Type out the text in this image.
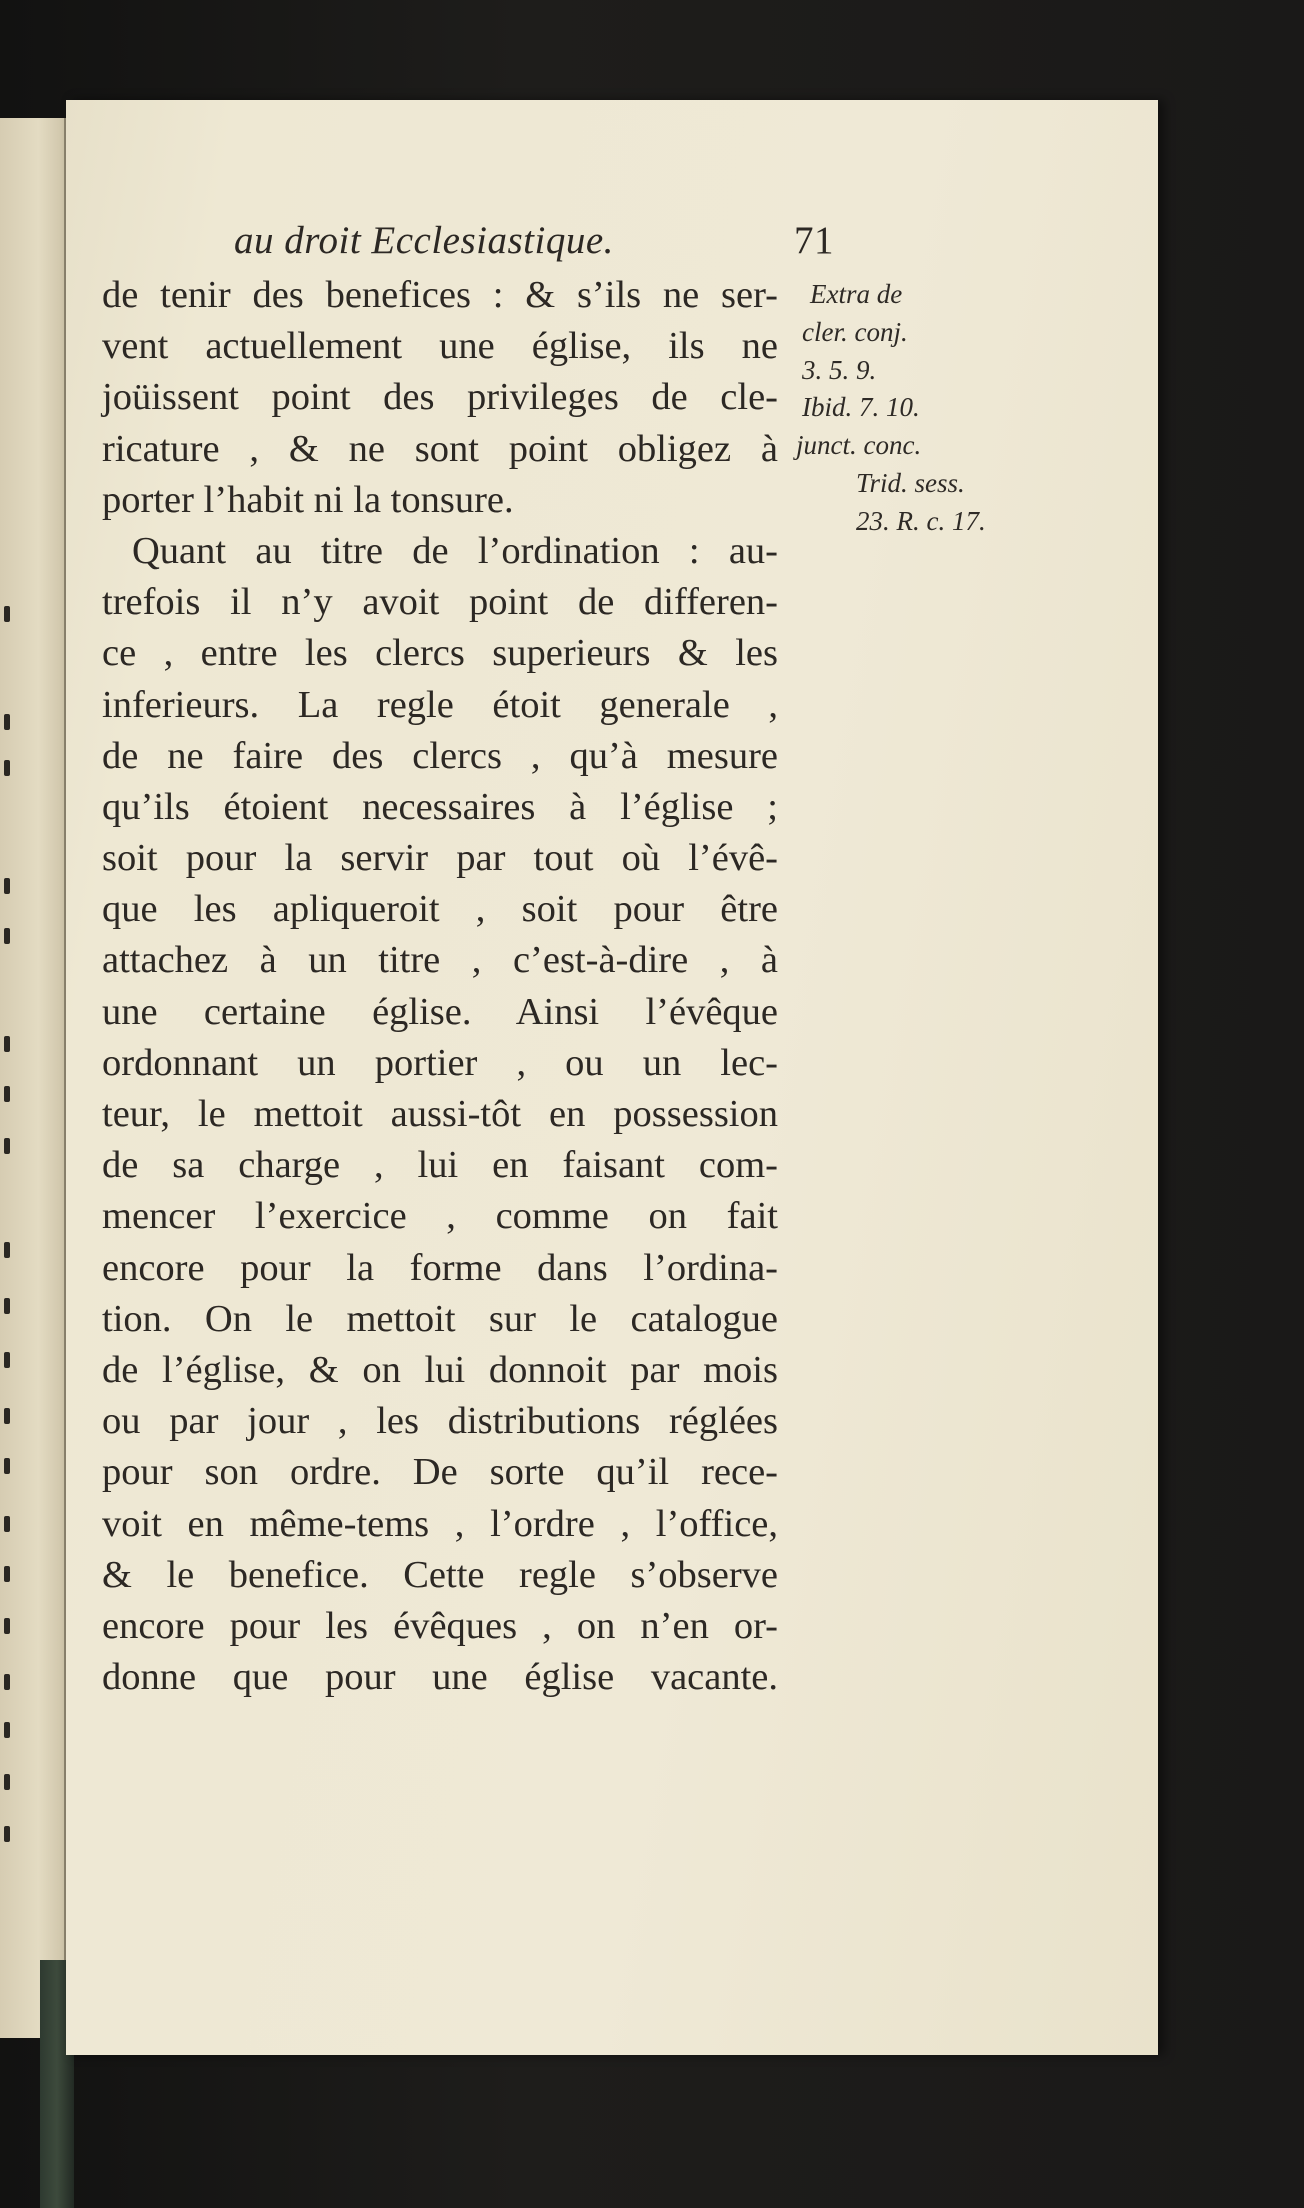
au droit Ecclesiastique.	71
de tenir des benefices : & s’ils ne ser-
vent actuellement une église, ils ne
joüissent point des privileges de cle-
ricature , & ne sont point obligez à
porter l’habit ni la tonsure.
Quant au titre de l’ordination : au-
trefois il n’y avoit point de differen-
ce , entre les clercs superieurs & les
inferieurs. La regle étoit generale ,
de ne faire des clercs , qu’à mesure
qu’ils étoient necessaires à l’église ;
soit pour la servir par tout où l’évê-
que les apliqueroit , soit pour être
attachez à un titre , c’est-à-dire , à
une certaine église. Ainsi l’évêque
ordonnant un portier , ou un lec-
teur, le mettoit aussi-tôt en possession
de sa charge , lui en faisant com-
mencer l’exercice , comme on fait
encore pour la forme dans l’ordina-
tion. On le mettoit sur le catalogue
de l’église, & on lui donnoit par mois
ou par jour , les distributions réglées
pour son ordre. De sorte qu’il rece-
voit en même-tems , l’ordre , l’office,
& le benefice. Cette regle s’observe
encore pour les évêques , on n’en or-
donne que pour une église vacante.
Extra de
cler. conj.
3. 5. 9.
Ibid. 7. 10.
junct. conc.
Trid. sess.
23. R. c. 17.
